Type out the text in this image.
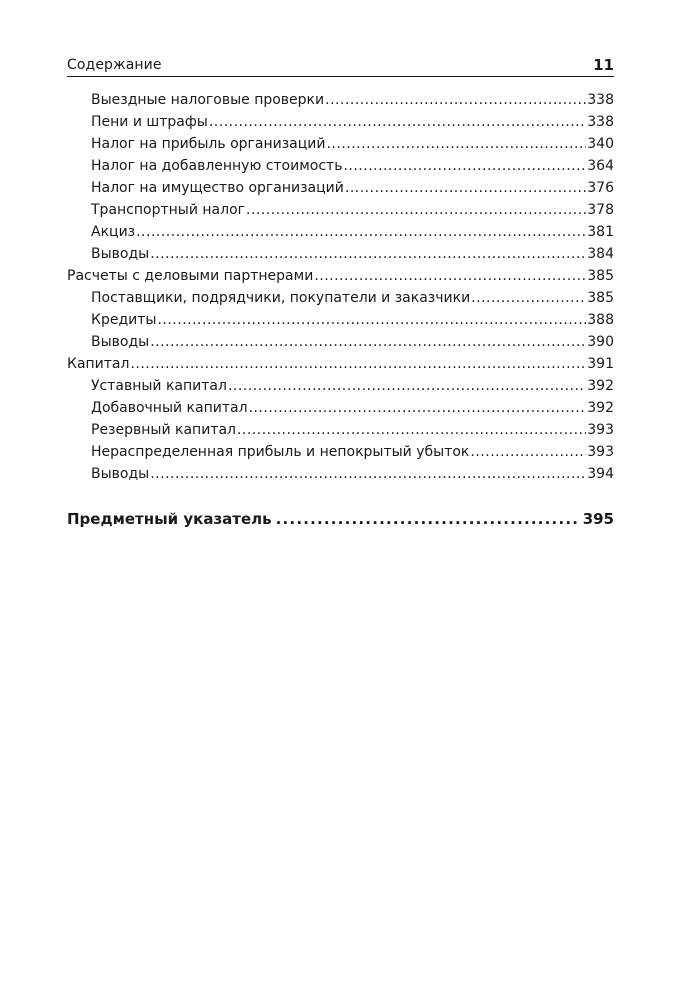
Содержание	11
Выездные налоговые проверки .....	338
Пени и штрафы .....	338
Налог на прибыль организаций .....	340
Налог на добавленную стоимость .....	364
Налог на имущество организаций .....	376
Транспортный налог .....	378
Акциз .....	381
Выводы .....	384
Расчеты с деловыми партнерами .....	385
Поставщики, подрядчики, покупатели и заказчики .....	385
Кредиты .....	388
Выводы .....	390
Капитал .....	391
Уставный капитал .....	392
Добавочный капитал .....	392
Резервный капитал .....	393
Нераспределенная прибыль и непокрытый убыток .....	393
Выводы .....	394
Предметный указатель .....	395
